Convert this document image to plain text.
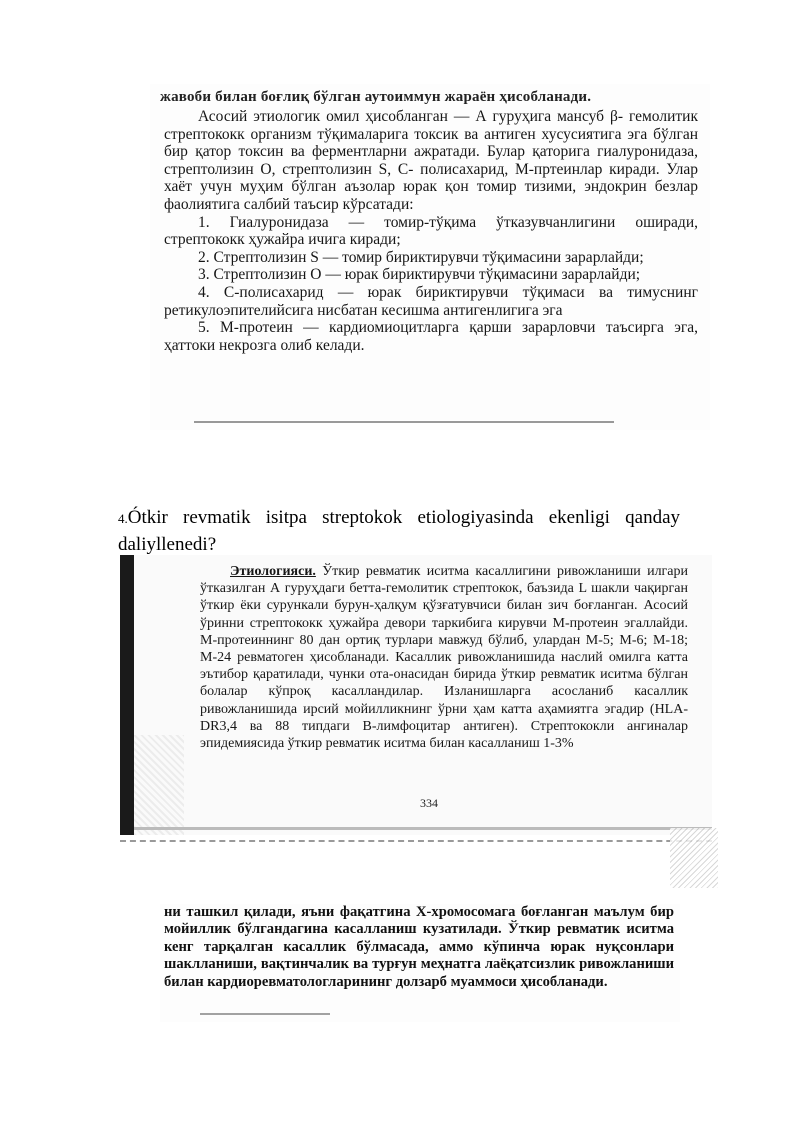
жавоби билан боғлиқ бўлган аутоиммун жараён ҳисобланади.

Асосий этиологик омил ҳисобланган — А гуруҳига мансуб β- гемолитик стрептококк организм тўқималарига токсик ва антиген хусусиятига эга бўлган бир қатор токсин ва ферментларни ажратади. Булар қаторига гиалуронидаза, стрептолизин О, стрептолизин S, С- полисахарид, М-пртеинлар киради. Улар хаёт учун муҳим бўлган аъзолар юрак қон томир тизими, эндокрин безлар фаолиятига салбий таъсир кўрсатади:

1. Гиалуронидаза — томир-тўқима ўтказувчанлигини оширади, стрептококк ҳужайра ичига киради;

2. Стрептолизин S — томир бириктирувчи тўқимасини зарарлайди;

3. Стрептолизин О — юрак бириктирувчи тўқимасини зарарлайди;

4. С-полисахарид — юрак бириктирувчи тўқимаси ва тимуснинг ретикулоэпителийсига нисбатан кесишма антигенлигига эга

5. М-протеин — кардиомиоцитларга қарши зарарловчи таъсирга эга, ҳаттоки некрозга олиб келади.

4.Ótkir revmatik isitpa streptokok etiologiyasinda ekenligi qanday daliyllenedi?

Этиологияси. Ўткир ревматик иситма касаллигини ривожланиши илгари ўтказилган А гуруҳдаги бетта-гемолитик стрептокок, баъзида L шакли чақирган ўткир ёки сурункали бурун-ҳалқум қўзғатувчиси билан зич боғланган. Асосий ўринни стрептококк ҳужайра девори таркибига кирувчи М-протеин эгаллайди. М-протеиннинг 80 дан ортиқ турлари мавжуд бўлиб, улардан М-5; М-6; М-18; М-24 ревматоген ҳисобланади. Касаллик ривожланишида наслий омилга катта эътибор қаратилади, чунки ота-онасидан бирида ўткир ревматик иситма бўлган болалар кўпроқ касалландилар. Изланишларга асосланиб касаллик ривожланишида ирсий мойилликнинг ўрни ҳам катта аҳамиятга эгадир (HLA-DR3,4 ва 88 типдаги В-лимфоцитар антиген). Стрептококли ангиналар эпидемиясида ўткир ревматик иситма билан касалланиш 1-3%

334

ни ташкил қилади, яъни фақатгина Х-хромосомага боғланган маълум бир мойиллик бўлгандагина касалланиш кузатилади. Ўткир ревматик иситма кенг тарқалган касаллик бўлмасада, аммо кўпинча юрак нуқсонлари шаклланиши, вақтинчалик ва турғун меҳнатга лаёқатсизлик ривожланиши билан кардиоревматологларининг долзарб муаммоси ҳисобланади.
